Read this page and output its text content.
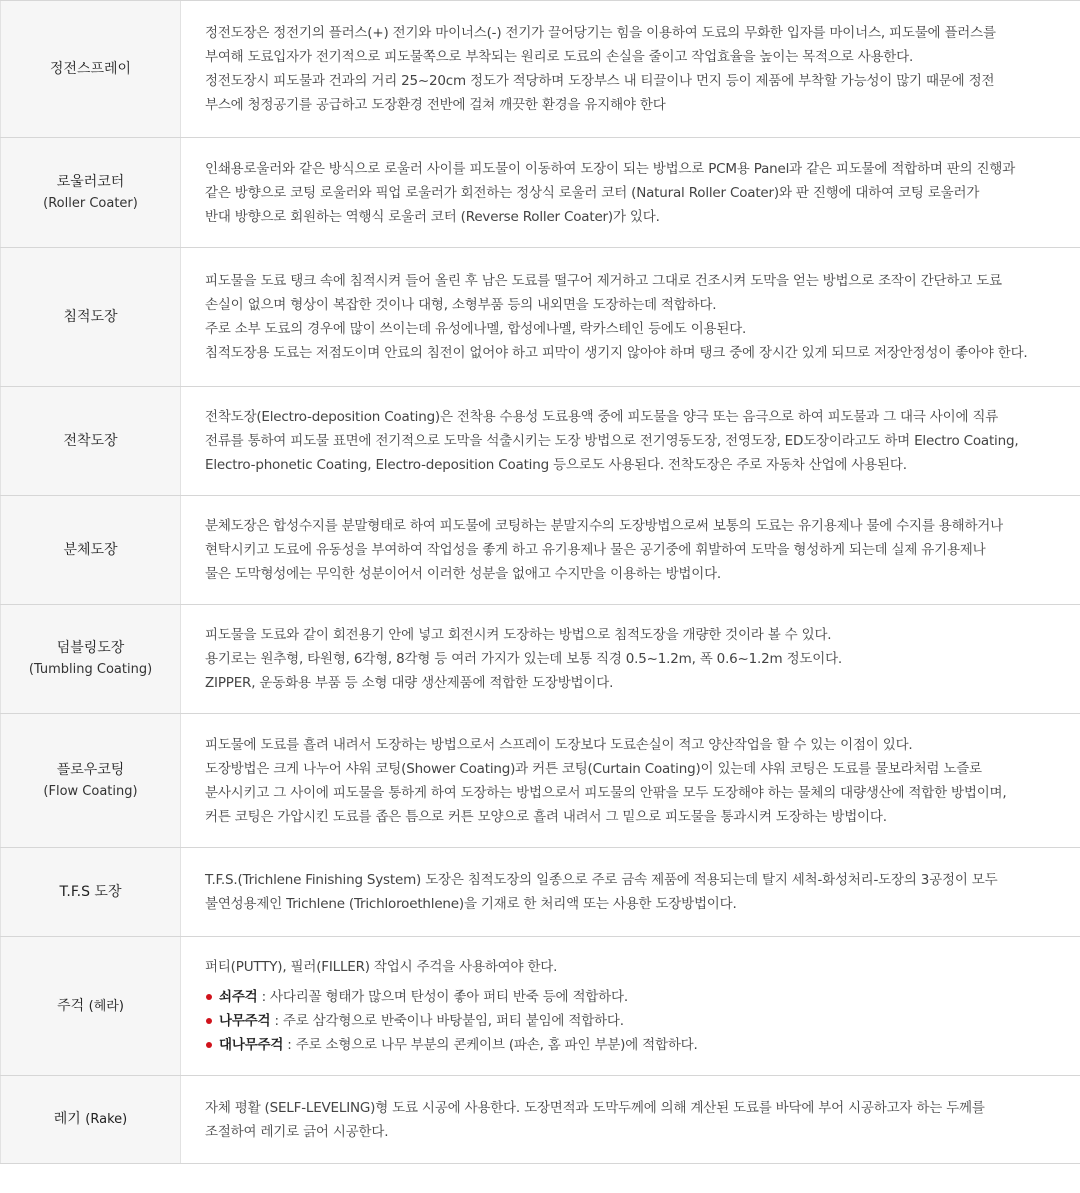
정전스프레이

정전도장은 정전기의 플러스(+) 전기와 마이너스(-) 전기가 끌어당기는 힘을 이용하여 도료의 무화한 입자를 마이너스, 피도물에 플러스를

부여해 도료입자가 전기적으로 피도물쪽으로 부착되는 원리로 도료의 손실을 줄이고 작업효율을 높이는 목적으로 사용한다.

정전도장시 피도물과 건과의 거리 25~20cm 정도가 적당하며 도장부스 내 티끌이나 먼지 등이 제품에 부착할 가능성이 많기 때문에 정전

부스에 청정공기를 공급하고 도장환경 전반에 걸쳐 깨끗한 환경을 유지해야 한다

로울러코터
(Roller Coater)

인쇄용로울러와 같은 방식으로 로울러 사이를 피도물이 이동하여 도장이 되는 방법으로 PCM용 Panel과 같은 피도물에 적합하며 판의 진행과

같은 방향으로 코팅 로울러와 픽업 로울러가 회전하는 정상식 로울러 코터 (Natural Roller Coater)와 판 진행에 대하여 코팅 로울러가

반대 방향으로 회원하는 역행식 로울러 코터 (Reverse Roller Coater)가 있다.

침적도장

피도물을 도료 탱크 속에 침적시켜 들어 올린 후 남은 도료를 떨구어 제거하고 그대로 건조시켜 도막을 얻는 방법으로 조작이 간단하고 도료

손실이 없으며 형상이 복잡한 것이나 대형, 소형부품 등의 내외면을 도장하는데 적합하다.

주로 소부 도료의 경우에 많이 쓰이는데 유성에나멜, 합성에나멜, 락카스테인 등에도 이용된다.

침적도장용 도료는 저점도이며 안료의 침전이 없어야 하고 피막이 생기지 않아야 하며 탱크 중에 장시간 있게 되므로 저장안정성이 좋아야 한다.

전착도장

전착도장(Electro-deposition Coating)은 전착용 수용성 도료용액 중에 피도물을 양극 또는 음극으로 하여 피도물과 그 대극 사이에 직류

전류를 통하여 피도물 표면에 전기적으로 도막을 석출시키는 도장 방법으로 전기영동도장, 전영도장, ED도장이라고도 하며 Electro Coating,

Electro-phonetic Coating, Electro-deposition Coating 등으로도 사용된다. 전착도장은 주로 자동차 산업에 사용된다.

분체도장

분체도장은 합성수지를 분말형태로 하여 피도물에 코팅하는 분말지수의 도장방법으로써 보통의 도료는 유기용제나 물에 수지를 용해하거나

현탁시키고 도료에 유동성을 부여하여 작업성을 좋게 하고 유기용제나 물은 공기중에 휘발하여 도막을 형성하게 되는데 실제 유기용제나

물은 도막형성에는 무익한 성분이어서 이러한 성분을 없애고 수지만을 이용하는 방법이다.

덤블링도장
(Tumbling Coating)

피도물을 도료와 같이 회전용기 안에 넣고 회전시켜 도장하는 방법으로 침적도장을 개량한 것이라 볼 수 있다.

용기로는 원추형, 타원형, 6각형, 8각형 등 여러 가지가 있는데 보통 직경 0.5~1.2m, 폭 0.6~1.2m 정도이다.

ZIPPER, 운동화용 부품 등 소형 대량 생산제품에 적합한 도장방법이다.

플로우코팅
(Flow Coating)

피도물에 도료를 흘려 내려서 도장하는 방법으로서 스프레이 도장보다 도료손실이 적고 양산작업을 할 수 있는 이점이 있다.

도장방법은 크게 나누어 샤워 코팅(Shower Coating)과 커튼 코팅(Curtain Coating)이 있는데 샤워 코팅은 도료를 물보라처럼 노즐로

분사시키고 그 사이에 피도물을 통하게 하여 도장하는 방법으로서 피도물의 안팎을 모두 도장해야 하는 물체의 대량생산에 적합한 방법이며,

커튼 코팅은 가압시킨 도료를 좁은 틈으로 커튼 모양으로 흘려 내려서 그 밑으로 피도물을 통과시켜 도장하는 방법이다.

T.F.S 도장

T.F.S.(Trichlene Finishing System) 도장은 침적도장의 일종으로 주로 금속 제품에 적용되는데 탈지 세척-화성처리-도장의 3공정이 모두

불연성용제인 Trichlene (Trichloroethlene)을 기재로 한 처리액 또는 사용한 도장방법이다.

주걱 (헤라)

퍼티(PUTTY), 필러(FILLER) 작업시 주걱을 사용하여야 한다.

쇠주걱 : 사다리꼴 형태가 많으며 탄성이 좋아 퍼티 반죽 등에 적합하다.
나무주걱 : 주로 삼각형으로 반죽이나 바탕붙임, 퍼티 붙임에 적합하다.
대나무주걱 : 주로 소형으로 나무 부분의 콘케이브 (파손, 홈 파인 부분)에 적합하다.
레기 (Rake)

자체 평활 (SELF-LEVELING)형 도료 시공에 사용한다. 도장면적과 도막두께에 의해 계산된 도료를 바닥에 부어 시공하고자 하는 두께를

조절하여 레기로 긁어 시공한다.
